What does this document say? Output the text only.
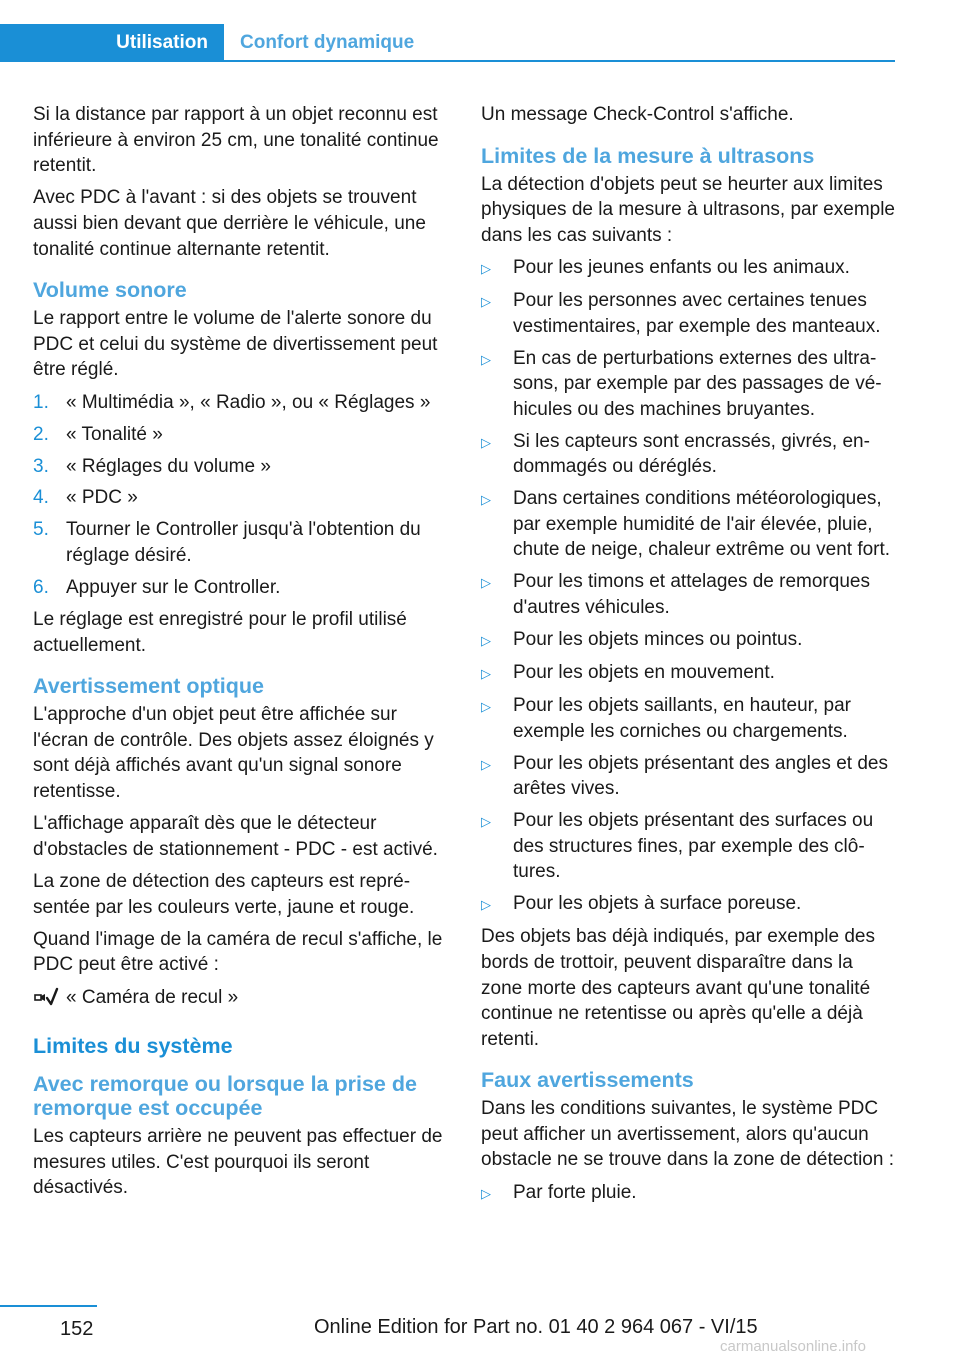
Utilisation	Confort dynamique

Si la distance par rapport à un objet reconnu est inférieure à environ 25 cm, une tonalité continue retentit.

Avec PDC à l'avant : si des objets se trouvent aussi bien devant que derrière le véhicule, une tonalité continue alternante retentit.

Volume sonore

Le rapport entre le volume de l'alerte sonore du PDC et celui du système de divertissement peut être réglé.

1. « Multimédia », « Radio », ou « Réglages »
2. « Tonalité »
3. « Réglages du volume »
4. « PDC »
5. Tourner le Controller jusqu'à l'obtention du réglage désiré.
6. Appuyer sur le Controller.

Le réglage est enregistré pour le profil utilisé actuellement.

Avertissement optique

L'approche d'un objet peut être affichée sur l'écran de contrôle. Des objets assez éloignés y sont déjà affichés avant qu'un signal sonore retentisse.

L'affichage apparaît dès que le détecteur d'obstacles de stationnement - PDC - est activé.

La zone de détection des capteurs est représentée par les couleurs verte, jaune et rouge.

Quand l'image de la caméra de recul s'affiche, le PDC peut être activé :

« Caméra de recul »
Limites du système
Avec remorque ou lorsque la prise de remorque est occupée

Les capteurs arrière ne peuvent pas effectuer de mesures utiles. C'est pourquoi ils seront désactivés.

Un message Check-Control s'affiche.

Limites de la mesure à ultrasons

La détection d'objets peut se heurter aux limites physiques de la mesure à ultrasons, par exemple dans les cas suivants :

▷	Pour les jeunes enfants ou les animaux.
▷	Pour les personnes avec certaines tenues vestimentaires, par exemple des manteaux.
▷	En cas de perturbations externes des ultrasons, par exemple par des passages de véhicules ou des machines bruyantes.
▷	Si les capteurs sont encrassés, givrés, endommagés ou déréglés.
▷	Dans certaines conditions météorologiques, par exemple humidité de l'air élevée, pluie, chute de neige, chaleur extrême ou vent fort.
▷	Pour les timons et attelages de remorques d'autres véhicules.
▷	Pour les objets minces ou pointus.
▷	Pour les objets en mouvement.
▷	Pour les objets saillants, en hauteur, par exemple les corniches ou chargements.
▷	Pour les objets présentant des angles et des arêtes vives.
▷	Pour les objets présentant des surfaces ou des structures fines, par exemple des clôtures.
▷	Pour les objets à surface poreuse.

Des objets bas déjà indiqués, par exemple des bords de trottoir, peuvent disparaître dans la zone morte des capteurs avant qu'une tonalité continue ne retentisse ou après qu'elle a déjà retenti.

Faux avertissements

Dans les conditions suivantes, le système PDC peut afficher un avertissement, alors qu'aucun obstacle ne se trouve dans la zone de détection :

▷	Par forte pluie.
152	Online Edition for Part no. 01 40 2 964 067 - VI/15
carmanualsonline.info
